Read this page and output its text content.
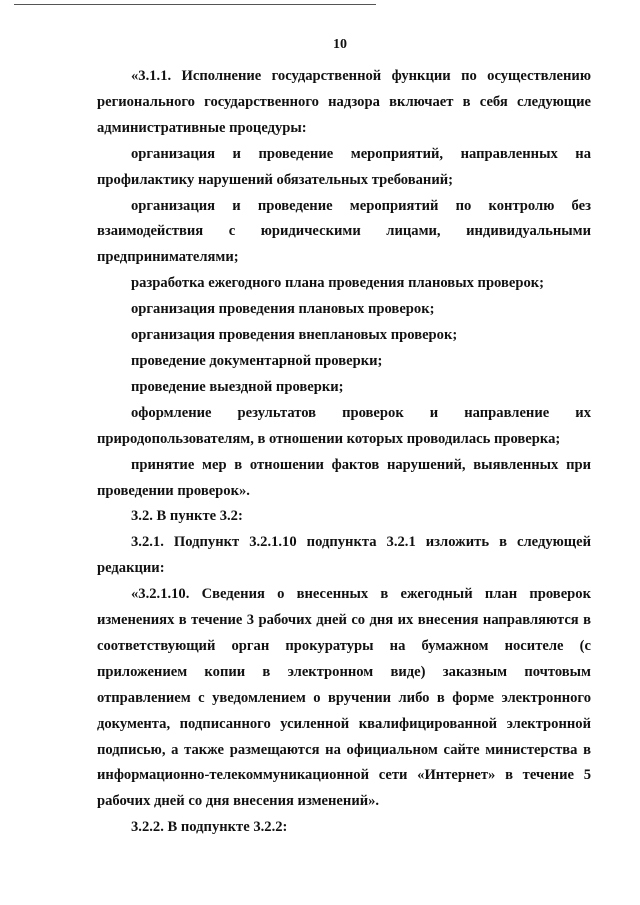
10

«3.1.1. Исполнение государственной функции по осуществлению регионального государственного надзора включает в себя следующие административные процедуры:

организация и проведение мероприятий, направленных на профилактику нарушений обязательных требований;

организация и проведение мероприятий по контролю без взаимодействия с юридическими лицами, индивидуальными предпринимателями;

разработка ежегодного плана проведения плановых проверок;

организация проведения плановых проверок;

организация проведения внеплановых проверок;

проведение документарной проверки;

проведение выездной проверки;

оформление результатов проверок и направление их природопользователям, в отношении которых проводилась проверка;

принятие мер в отношении фактов нарушений, выявленных при проведении проверок».

3.2. В пункте 3.2:

3.2.1. Подпункт 3.2.1.10 подпункта 3.2.1 изложить в следующей редакции:

«3.2.1.10. Сведения о внесенных в ежегодный план проверок изменениях в течение 3 рабочих дней со дня их внесения направляются в соответствующий орган прокуратуры на бумажном носителе (с приложением копии в электронном виде) заказным почтовым отправлением с уведомлением о вручении либо в форме электронного документа, подписанного усиленной квалифицированной электронной подписью, а также размещаются на официальном сайте министерства в информационно-телекоммуникационной сети «Интернет» в течение 5 рабочих дней со дня внесения изменений».

3.2.2. В подпункте 3.2.2:
